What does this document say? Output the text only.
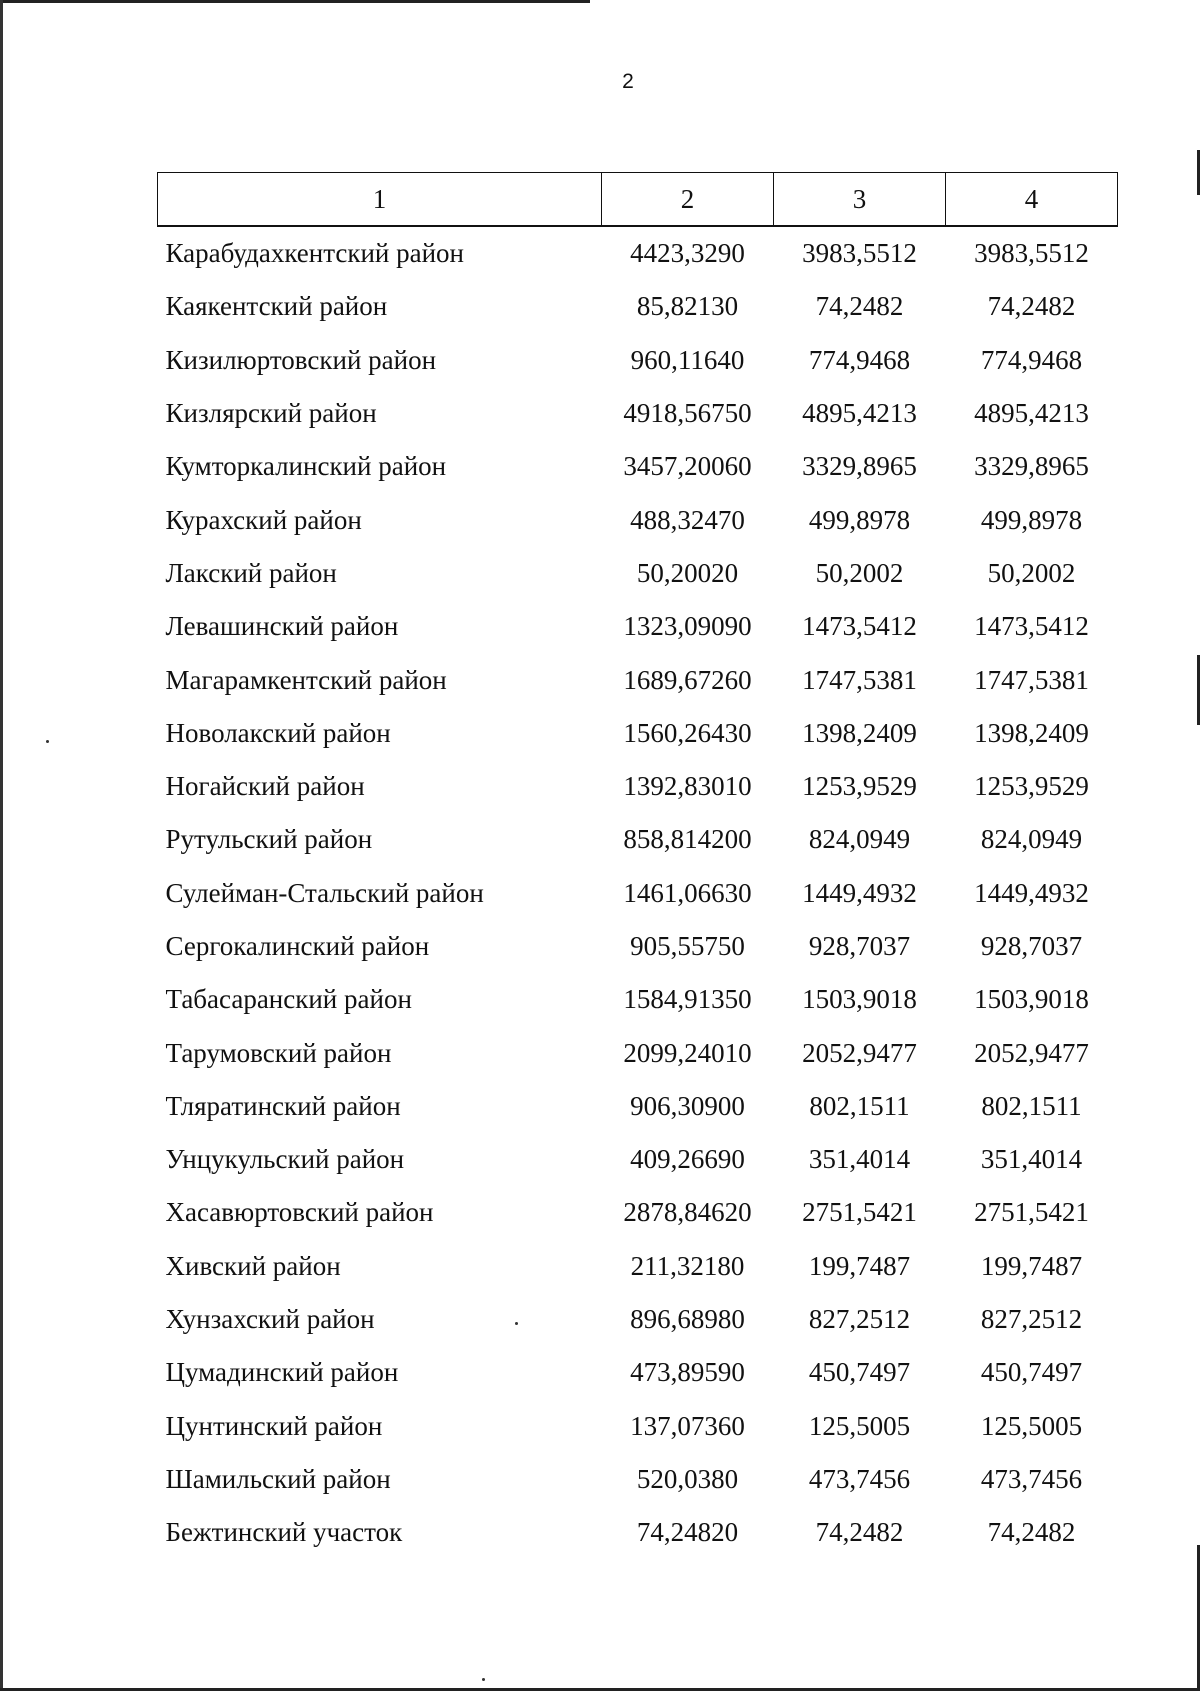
2
1	2	3	4
Карабудахкентский район	4423,3290	3983,5512	3983,5512
Каякентский район	85,82130	74,2482	74,2482
Кизилюртовский район	960,11640	774,9468	774,9468
Кизлярский район	4918,56750	4895,4213	4895,4213
Кумторкалинский район	3457,20060	3329,8965	3329,8965
Курахский район	488,32470	499,8978	499,8978
Лакский район	50,20020	50,2002	50,2002
Левашинский район	1323,09090	1473,5412	1473,5412
Магарамкентский район	1689,67260	1747,5381	1747,5381
Новолакский район	1560,26430	1398,2409	1398,2409
Ногайский район	1392,83010	1253,9529	1253,9529
Рутульский район	858,814200	824,0949	824,0949
Сулейман-Стальский район	1461,06630	1449,4932	1449,4932
Сергокалинский район	905,55750	928,7037	928,7037
Табасаранский район	1584,91350	1503,9018	1503,9018
Тарумовский район	2099,24010	2052,9477	2052,9477
Тляратинский район	906,30900	802,1511	802,1511
Унцукульский район	409,26690	351,4014	351,4014
Хасавюртовский район	2878,84620	2751,5421	2751,5421
Хивский район	211,32180	199,7487	199,7487
Хунзахский район	896,68980	827,2512	827,2512
Цумадинский район	473,89590	450,7497	450,7497
Цунтинский район	137,07360	125,5005	125,5005
Шамильский район	520,0380	473,7456	473,7456
Бежтинский участок	74,24820	74,2482	74,2482
